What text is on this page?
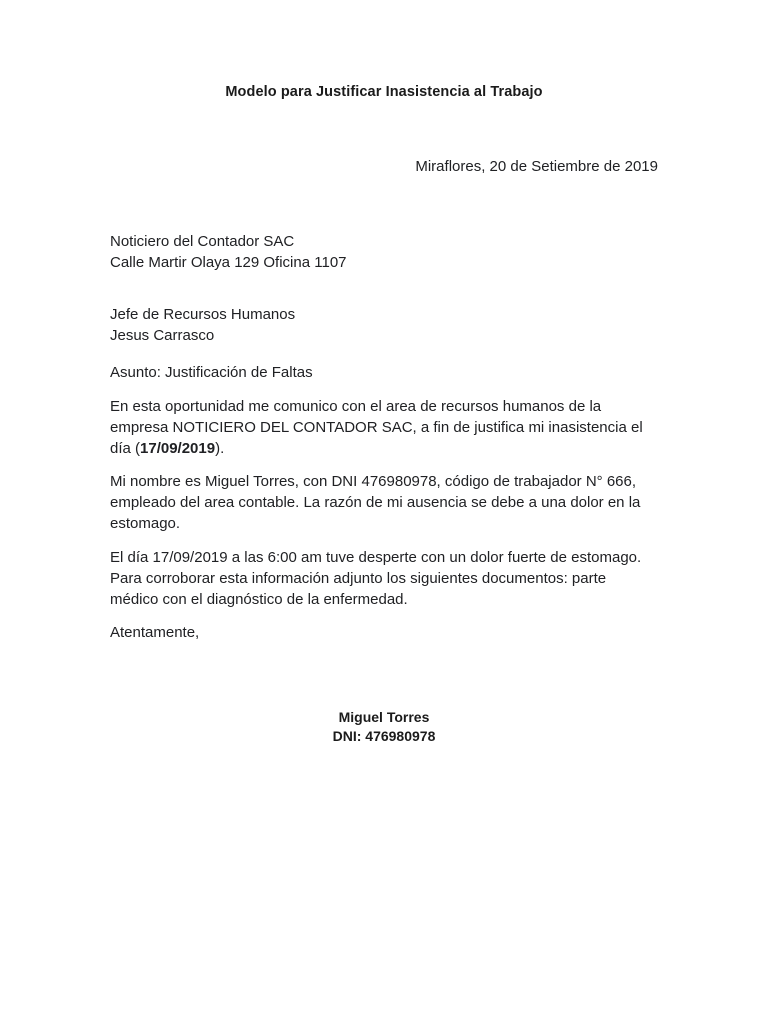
Modelo para Justificar Inasistencia al Trabajo
Miraflores, 20 de Setiembre de 2019
Noticiero del Contador SAC
Calle Martir Olaya 129 Oficina 1107
Jefe de Recursos Humanos
Jesus Carrasco
Asunto: Justificación de Faltas
En esta oportunidad me comunico con el area de recursos humanos de la empresa NOTICIERO DEL CONTADOR SAC, a fin de justifica mi inasistencia el día (17/09/2019).
Mi nombre es Miguel Torres, con DNI 476980978, código de trabajador N° 666, empleado del area contable. La razón de mi ausencia se debe a una dolor en la estomago.
El día 17/09/2019 a las 6:00 am tuve desperte con un dolor fuerte de estomago. Para corroborar esta información adjunto los siguientes documentos: parte médico con el diagnóstico de la enfermedad.
Atentamente,
Miguel Torres
DNI: 476980978
